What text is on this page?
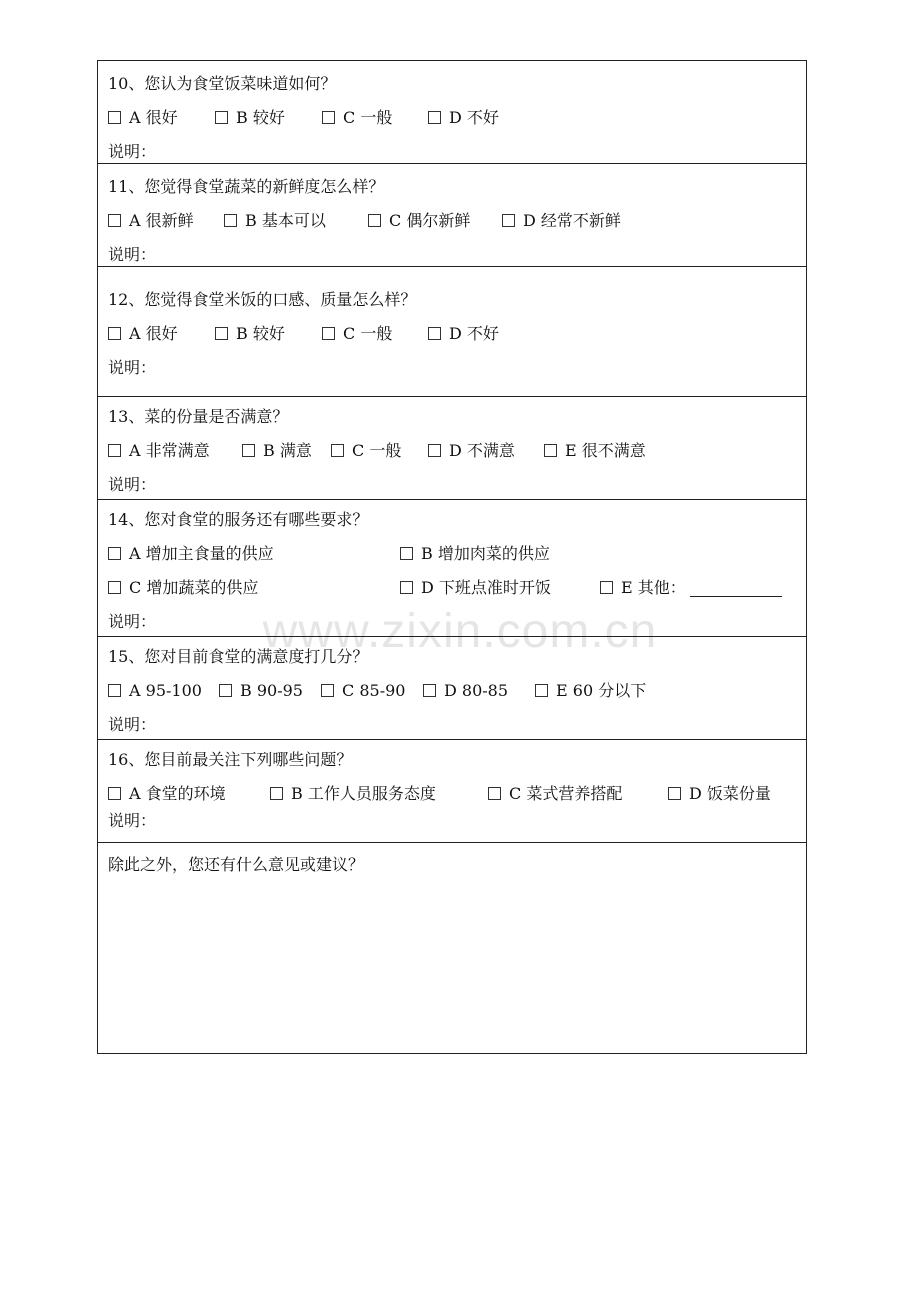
10、您认为食堂饭菜味道如何？
A 很好	B 较好	C 一般	D 不好
说明：
11、您觉得食堂蔬菜的新鲜度怎么样？
A 很新鲜	B 基本可以	C 偶尔新鲜	D 经常不新鲜
说明：
12、您觉得食堂米饭的口感、质量怎么样？
A 很好	B 较好	C 一般	D 不好
说明：
13、菜的份量是否满意？
A 非常满意	B 满意	C 一般	D 不满意	E 很不满意
说明：
14、您对食堂的服务还有哪些要求？
A 增加主食量的供应	B 增加肉菜的供应
C 增加蔬菜的供应	D 下班点准时开饭	E 其他：
说明：
15、您对目前食堂的满意度打几分？
A 95-100	B 90-95	C 85-90	D 80-85	E 60 分以下
说明：
16、您目前最关注下列哪些问题？
A 食堂的环境	B 工作人员服务态度	C 菜式营养搭配	D 饭菜份量
说明：
除此之外，您还有什么意见或建议？
www.zixin.com.cn
